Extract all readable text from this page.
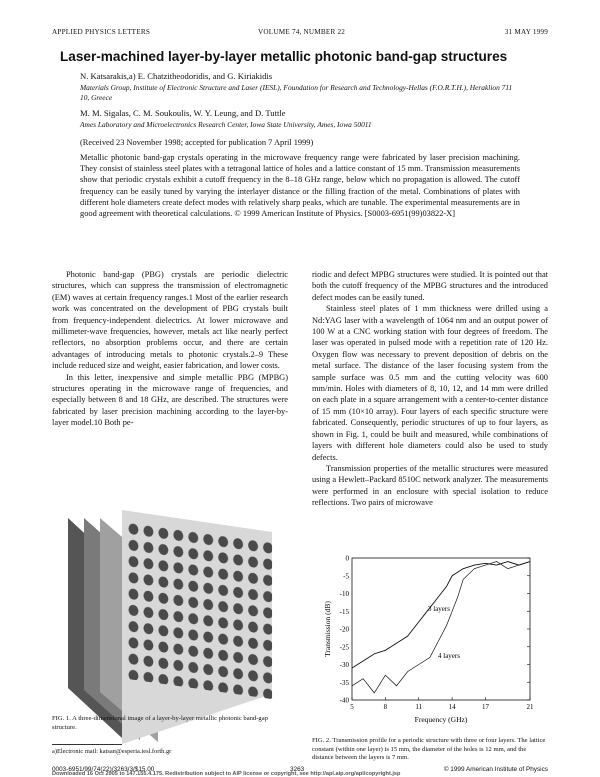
APPLIED PHYSICS LETTERS	VOLUME 74, NUMBER 22	31 MAY 1999
Laser-machined layer-by-layer metallic photonic band-gap structures
N. Katsarakis,a) E. Chatzitheodoridis, and G. Kiriakidis
Materials Group, Institute of Electronic Structure and Laser (IESL), Foundation for Research and Technology-Hellas (F.O.R.T.H.), Heraklion 711 10, Greece
M. M. Sigalas, C. M. Soukoulis, W. Y. Leung, and D. Tuttle
Ames Laboratory and Microelectronics Research Center, Iowa State University, Ames, Iowa 50011
(Received 23 November 1998; accepted for publication 7 April 1999)
Metallic photonic band-gap crystals operating in the microwave frequency range were fabricated by laser precision machining. They consist of stainless steel plates with a tetragonal lattice of holes and a lattice constant of 15 mm. Transmission measurements show that periodic crystals exhibit a cutoff frequency in the 8–18 GHz range, below which no propagation is allowed. The cutoff frequency can be easily tuned by varying the interlayer distance or the filling fraction of the metal. Combinations of plates with different hole diameters create defect modes with relatively sharp peaks, which are tunable. The experimental measurements are in good agreement with theoretical calculations. © 1999 American Institute of Physics. [S0003-6951(99)03822-X]

Photonic band-gap (PBG) crystals are periodic dielectric structures, which can suppress the transmission of electromagnetic (EM) waves at certain frequency ranges.1 Most of the earlier research work was concentrated on the development of PBG crystals built from frequency-independent dielectrics. At lower microwave and millimeter-wave frequencies, however, metals act like nearly perfect reflectors, no absorption problems occur, and there are certain advantages of introducing metals to photonic crystals.2–9 These include reduced size and weight, easier fabrication, and lower costs.

In this letter, inexpensive and simple metallic PBG (MPBG) structures operating in the microwave range of frequencies, and especially between 8 and 18 GHz, are described. The structures were fabricated by laser precision machining according to the layer-by-layer model.10 Both pe-

riodic and defect MPBG structures were studied. It is pointed out that both the cutoff frequency of the MPBG structures and the introduced defect modes can be easily tuned.

Stainless steel plates of 1 mm thickness were drilled using a Nd:YAG laser with a wavelength of 1064 nm and an output power of 100 W at a CNC working station with four degrees of freedom. The laser was operated in pulsed mode with a repetition rate of 120 Hz. Oxygen flow was necessary to prevent deposition of debris on the metal surface. The distance of the laser focusing system from the sample surface was 0.5 mm and the cutting velocity was 600 mm/min. Holes with diameters of 8, 10, 12, and 14 mm were drilled on each plate in a square arrangement with a center-to-center distance of 15 mm (10×10 array). Four layers of each specific structure were fabricated. Consequently, periodic structures of up to four layers, as shown in Fig. 1, could be built and measured, while combinations of layers with different hole diameters could also be used to study defects.

Transmission properties of the metallic structures were measured using a Hewlett–Packard 8510C network analyzer. The measurements were performed in an enclosure with special isolation to reduce reflections. Two pairs of microwave

FIG. 1. A three-dimensional image of a layer-by-layer metallic photonic band-gap structure.
a)Electronic mail: katsan@esperia.iesl.forth.gr
5	8	11	14	17	21
0
-5
-10
-15
-20
-25
-30
-35
-40
Frequency (GHz)
Transmission (dB)	3 layers
4 layers
FIG. 2. Transmission profile for a periodic structure with three or four layers. The lattice constant (within one layer) is 15 mm, the diameter of the holes is 12 mm, and the distance between the layers is 7 mm.
0003-6951/99/74(22)/3263/3/$15.00	3263	© 1999 American Institute of Physics
Downloaded 16 Oct 2005 to 147.155.4.175. Redistribution subject to AIP license or copyright, see http://apl.aip.org/apl/copyright.jsp
